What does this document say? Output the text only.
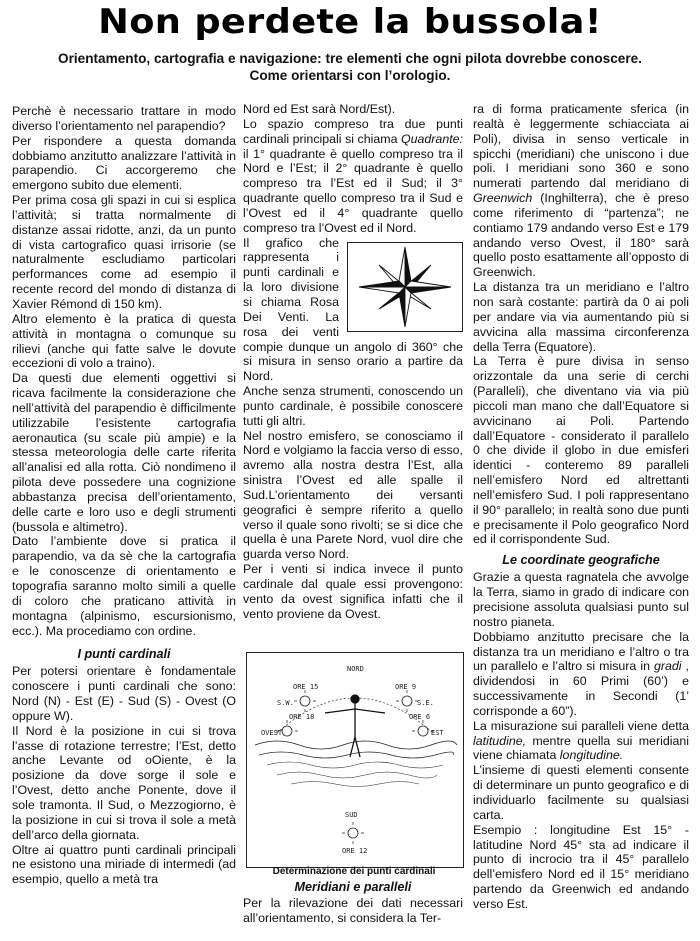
Non perdete la bussola!

Orientamento, cartografia e navigazione: tre elementi che ogni pilota dovrebbe conoscere. Come orientarsi con l’orologio.

Perchè è necessario trattare in modo diverso l’orientamento nel parapendio?

Per rispondere a questa domanda dobbiamo anzitutto analizzare l’attività in parapendio. Ci accorgeremo che emergono subito due elementi.

Per prima cosa gli spazi in cui si esplica l’attività; si tratta normalmente di distanze assai ridotte, anzi, da un punto di vista cartografico quasi irrisorie (se naturalmente escludiamo particolari performances come ad esempio il recente record del mondo di distanza di Xavier Rémond di 150 km).

Altro elemento è la pratica di questa attività in montagna o comunque su rilievi (anche qui fatte salve le dovute eccezioni di volo a traino).

Da questi due elementi oggettivi si ricava facilmente la considerazione che nell’attività del parapendio è difficilmente utilizzabile l’esistente cartografia aeronautica (su scale più ampie) e la stessa meteorologia delle carte riferita all’analisi ed alla rotta. Ciò nondimeno il pilota deve possedere una cognizione abbastanza precisa dell’orientamento, delle carte e loro uso e degli strumenti (bussola e altimetro).

Dato l’ambiente dove si pratica il parapendio, va da sè che la cartografia e le conoscenze di orientamento e topografia saranno molto simili a quelle di coloro che praticano attività in montagna (alpinismo, escursionismo, ecc.). Ma procediamo con ordine.

I punti cardinali

Per potersi orientare è fondamentale conoscere i punti cardinali che sono: Nord (N) - Est (E) - Sud (S) - Ovest (O oppure W).

Il Nord è la posizione in cui si trova l’asse di rotazione terrestre; l’Est, detto anche Levante od oOiente, è la posizione da dove sorge il sole e l’Ovest, detto anche Ponente, dove il sole tramonta. Il Sud, o Mezzogiorno, è la posizione in cui si trova il sole a metà dell’arco della giornata.

Oltre ai quattro punti cardinali principali ne esistono una miriade di intermedi (ad esempio, quello a metà tra

Nord ed Est sarà Nord/Est).

Lo spazio compreso tra due punti cardinali principali si chiama Quadrante: il 1° quadrante è quello compreso tra il Nord e l’Est; il 2° quadrante è quello compreso tra l’Est ed il Sud; il 3° quadrante quello compreso tra il Sud e l’Ovest ed il 4° quadrante quello compreso tra l’Ovest ed il Nord.

Il grafico che rappresenta i punti cardinali e la loro divisione si chiama Rosa Dei Venti. La rosa dei venti compie dunque un angolo di 360° che si misura in senso orario a partire da Nord.

Anche senza strumenti, conoscendo un punto cardinale, è possibile conoscere tutti gli altri.

Nel nostro emisfero, se conosciamo il Nord e volgiamo la faccia verso di esso, avremo alla nostra destra l’Est, alla sinistra l’Ovest ed alle spalle il Sud.L’orientamento dei versanti geografici è sempre riferito a quello verso il quale sono rivolti; se si dice che quella è una Parete Nord, vuol dire che guarda verso Nord.

Per i venti si indica invece il punto cardinale dal quale essi provengono: vento da ovest significa infatti che il vento proviene da Ovest.

NORD
ORE 15	ORE 9
S.W.	S.E.
ORE 18	ORE 6
OVEST	EST
SUD
ORE 12
Determinazione dei punti cardinali
Meridiani e paralleli

Per la rilevazione dei dati necessari all’orientamento, si considera la Ter-

ra di forma praticamente sferica (in realtà è leggermente schiacciata ai Poli), divisa in senso verticale in spicchi (meridiani) che uniscono i due poli. I meridiani sono 360 e sono numerati partendo dal meridiano di Greenwich (Inghilterra), che è preso come riferimento di “partenza”; ne contiamo 179 andando verso Est e 179 andando verso Ovest, il 180° sarà quello posto esattamente all’opposto di Greenwich.

La distanza tra un meridiano e l’altro non sarà costante: partirà da 0 ai poli per andare via via aumentando più si avvicina alla massima circonferenza della Terra (Equatore).

La Terra è pure divisa in senso orizzontale da una serie di cerchi (Paralleli), che diventano via via più piccoli man mano che dall’Equatore si avvicinano ai Poli. Partendo dall’Equatore - considerato il parallelo 0 che divide il globo in due emisferi identici - conteremo 89 paralleli nell’emisfero Nord ed altrettanti nell’emisfero Sud. I poli rappresentano il 90° parallelo; in realtà sono due punti e precisamente il Polo geografico Nord ed il corrispondente Sud.

Le coordinate geografiche

Grazie a questa ragnatela che avvolge la Terra, siamo in grado di indicare con precisione assoluta qualsiasi punto sul nostro pianeta.

Dobbiamo anzitutto precisare che la distanza tra un meridiano e l’altro o tra un parallelo e l’altro si misura in gradi , dividendosi in 60 Primi (60’) e successivamente in Secondi (1’ corrisponde a 60”).

La misurazione sui paralleli viene detta latitudine, mentre quella sui meridiani viene chiamata longitudine.

L’insieme di questi elementi consente di determinare un punto geografico e di individuarlo facilmente su qualsiasi carta.

Esempio : longitudine Est 15° - latitudine Nord 45° sta ad indicare il punto di incrocio tra il 45° parallelo dell’emisfero Nord ed il 15° meridiano partendo da Greenwich ed andando verso Est.
